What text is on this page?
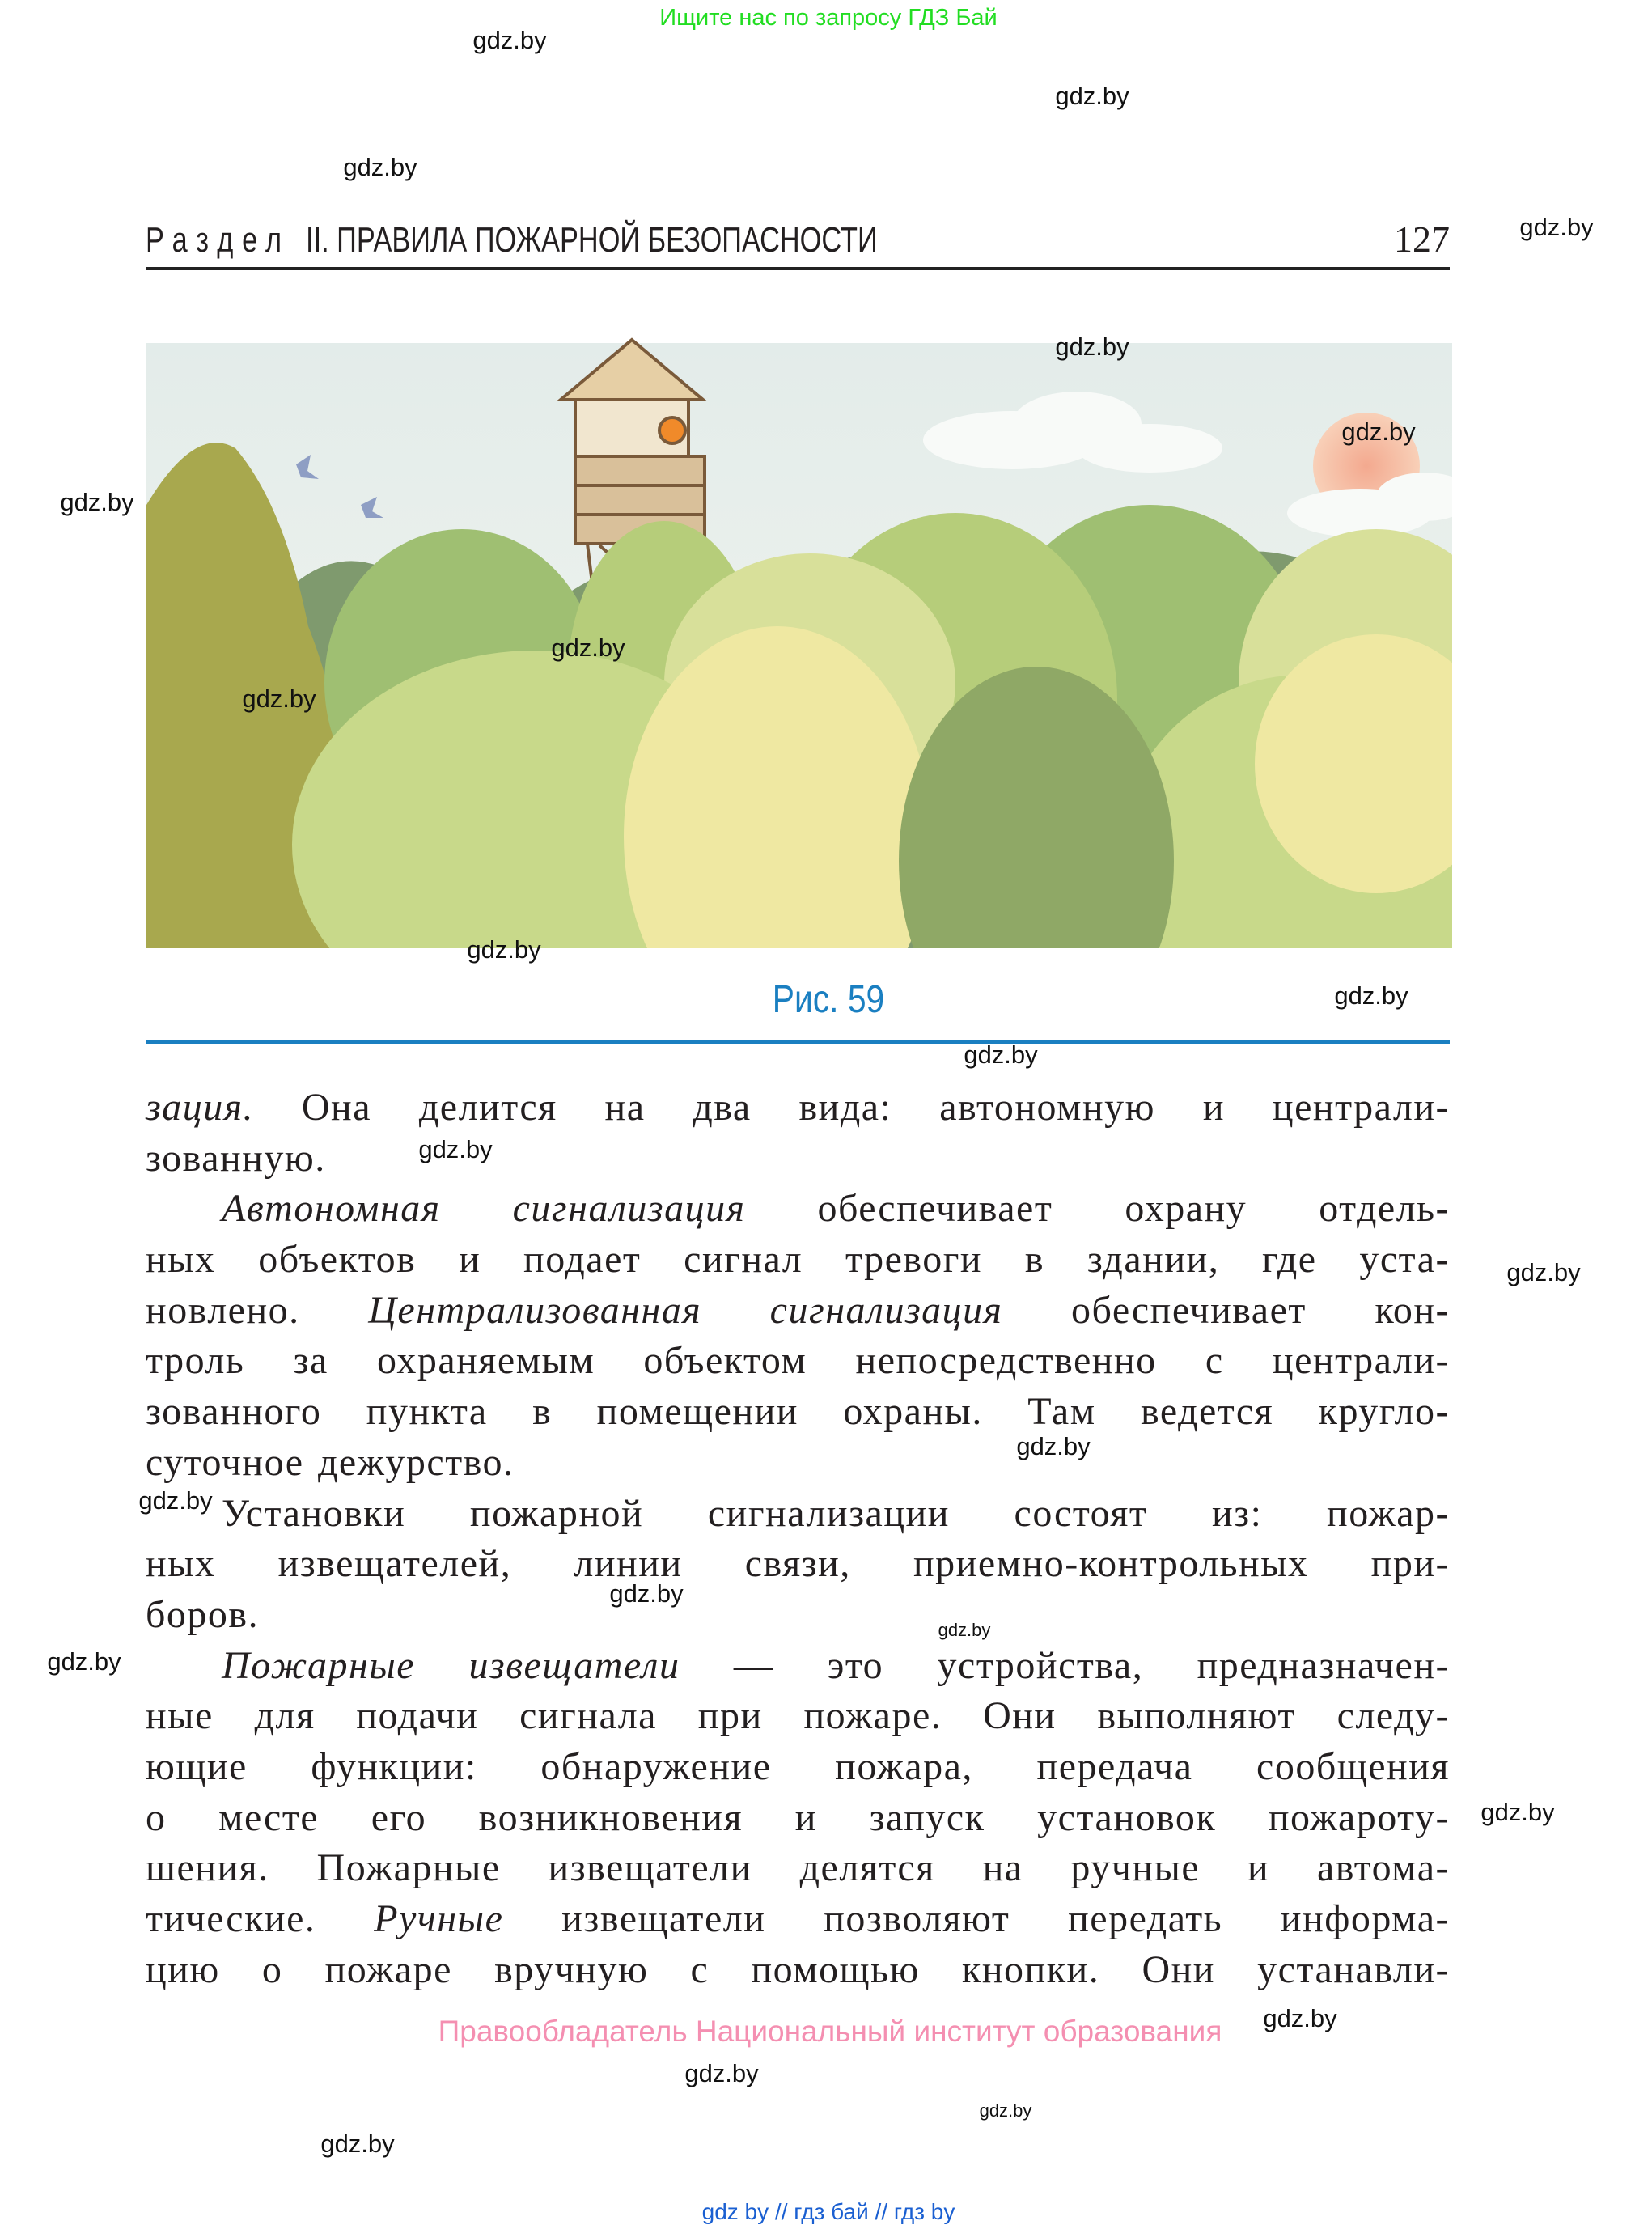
Ищите нас по запросу ГДЗ Бай
Раздел II. ПРАВИЛА ПОЖАРНОЙ БЕЗОПАСНОСТИ	127
Рис. 59
зация. Она делится на два вида: автономную и централи-
зованную.
Автономная сигнализация обеспечивает охрану отдель-
ных объектов и подает сигнал тревоги в здании, где уста-
новлено. Централизованная сигнализация обеспечивает кон-
троль за охраняемым объектом непосредственно с централи-
зованного пункта в помещении охраны. Там ведется кругло-
суточное дежурство.
Установки пожарной сигнализации состоят из: пожар-
ных извещателей, линии связи, приемно-контрольных при-
боров.
Пожарные извещатели — это устройства, предназначен-
ные для подачи сигнала при пожаре. Они выполняют следу-
ющие функции: обнаружение пожара, передача сообщения
о месте его возникновения и запуск установок пожароту-
шения. Пожарные извещатели делятся на ручные и автома-
тические. Ручные извещатели позволяют передать информа-
цию о пожаре вручную с помощью кнопки. Они устанавли-
Правообладатель Национальный институт образования
gdz by // гдз бай // гдз by
gdz.by
gdz.by
gdz.by
gdz.by
gdz.by
gdz.by
gdz.by
gdz.by
gdz.by
gdz.by
gdz.by
gdz.by
gdz.by
gdz.by
gdz.by
gdz.by
gdz.by
gdz.by
gdz.by
gdz.by
gdz.by
gdz.by
gdz.by
gdz.by
